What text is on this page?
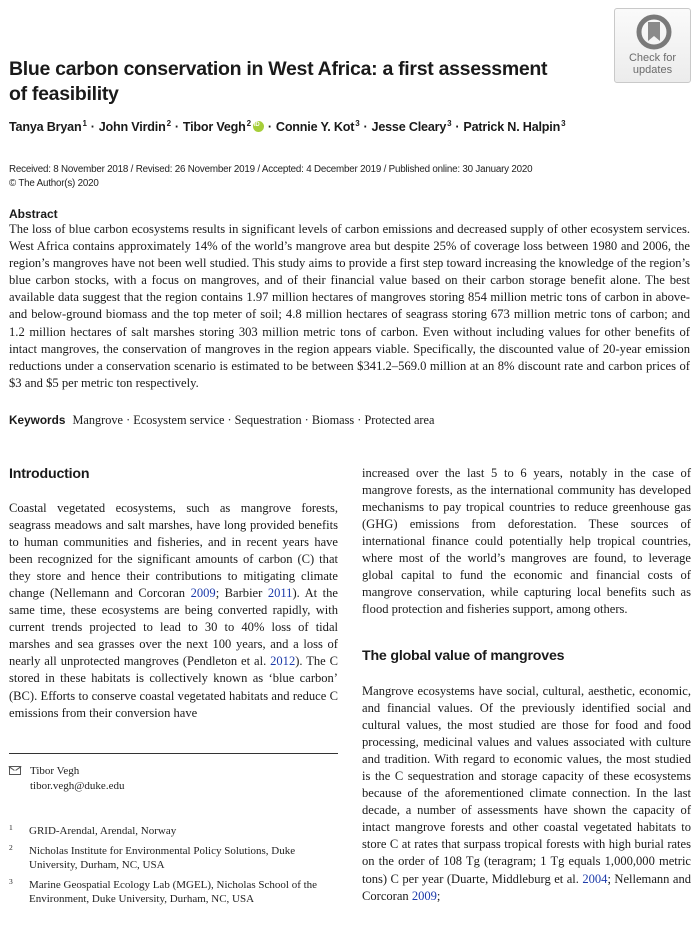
Blue carbon conservation in West Africa: a first assessment of feasibility
Check for
updates
Tanya Bryan$^1$ · John Virdin$^2$ · Tibor Vegh$^2$ iD · Connie Y. Kot$^3$ · Jesse Cleary$^3$ · Patrick N. Halpin$^3$
Received: 8 November 2018 / Revised: 26 November 2019 / Accepted: 4 December 2019 / Published online: 30 January 2020
© The Author(s) 2020
Abstract
The loss of blue carbon ecosystems results in significant levels of carbon emissions and decreased supply of other ecosystem services. West Africa contains approximately 14% of the world’s mangrove area but despite 25% of coverage loss between 1980 and 2006, the region’s mangroves have not been well studied. This study aims to provide a first step toward increasing the knowledge of the region’s blue carbon stocks, with a focus on mangroves, and of their financial value based on their carbon storage benefit alone. The best available data suggest that the region contains 1.97 million hectares of mangroves storing 854 million metric tons of carbon in above- and below-ground biomass and the top meter of soil; 4.8 million hectares of seagrass storing 673 million metric tons of carbon; and 1.2 million hectares of salt marshes storing 303 million metric tons of carbon. Even without including values for other benefits of intact mangroves, the conservation of mangroves in the region appears viable. Specifically, the discounted value of 20-year emission reductions under a conservation scenario is estimated to be between $341.2–569.0 million at an 8% discount rate and carbon prices of $3 and $5 per metric ton respectively.
Keywords Mangrove · Ecosystem service · Sequestration · Biomass · Protected area
Introduction

Coastal vegetated ecosystems, such as mangrove forests, seagrass meadows and salt marshes, have long provided benefits to human communities and fisheries, and in recent years have been recognized for the significant amounts of carbon (C) that they store and hence their contributions to mitigating climate change (Nellemann and Corcoran 2009; Barbier 2011). At the same time, these ecosystems are being converted rapidly, with current trends projected to lead to 30 to 40% loss of tidal marshes and sea grasses over the next 100 years, and a loss of nearly all unprotected mangroves (Pendleton et al. 2012). The C stored in these habitats is collectively known as ‘blue carbon’ (BC). Efforts to conserve coastal vegetated habitats and reduce C emissions from their conversion have

increased over the last 5 to 6 years, notably in the case of mangrove forests, as the international community has developed mechanisms to pay tropical countries to reduce greenhouse gas (GHG) emissions from deforestation. These sources of international finance could potentially help tropical countries, where most of the world’s mangroves are found, to leverage global capital to fund the economic and financial costs of mangrove conservation, while capturing local benefits such as flood protection and fisheries support, among others.

The global value of mangroves

Mangrove ecosystems have social, cultural, aesthetic, economic, and financial values. Of the previously identified social and cultural values, the most studied are those for food and food processing, medicinal values and values associated with culture and tradition. With regard to economic values, the most studied is the C sequestration and storage capacity of these ecosystems because of the aforementioned climate connection. In the last decade, a number of assessments have shown the capacity of intact mangrove forests and other coastal vegetated habitats to store C at rates that surpass tropical forests with high burial rates on the order of 108 Tg (teragram; 1 Tg equals 1,000,000 metric tons) C per year (Duarte, Middleburg et al. 2004; Nellemann and Corcoran 2009;

Tibor Vegh
tibor.vegh@duke.edu
1 GRID-Arendal, Arendal, Norway
2 Nicholas Institute for Environmental Policy Solutions, Duke University, Durham, NC, USA
3 Marine Geospatial Ecology Lab (MGEL), Nicholas School of the Environment, Duke University, Durham, NC, USA
